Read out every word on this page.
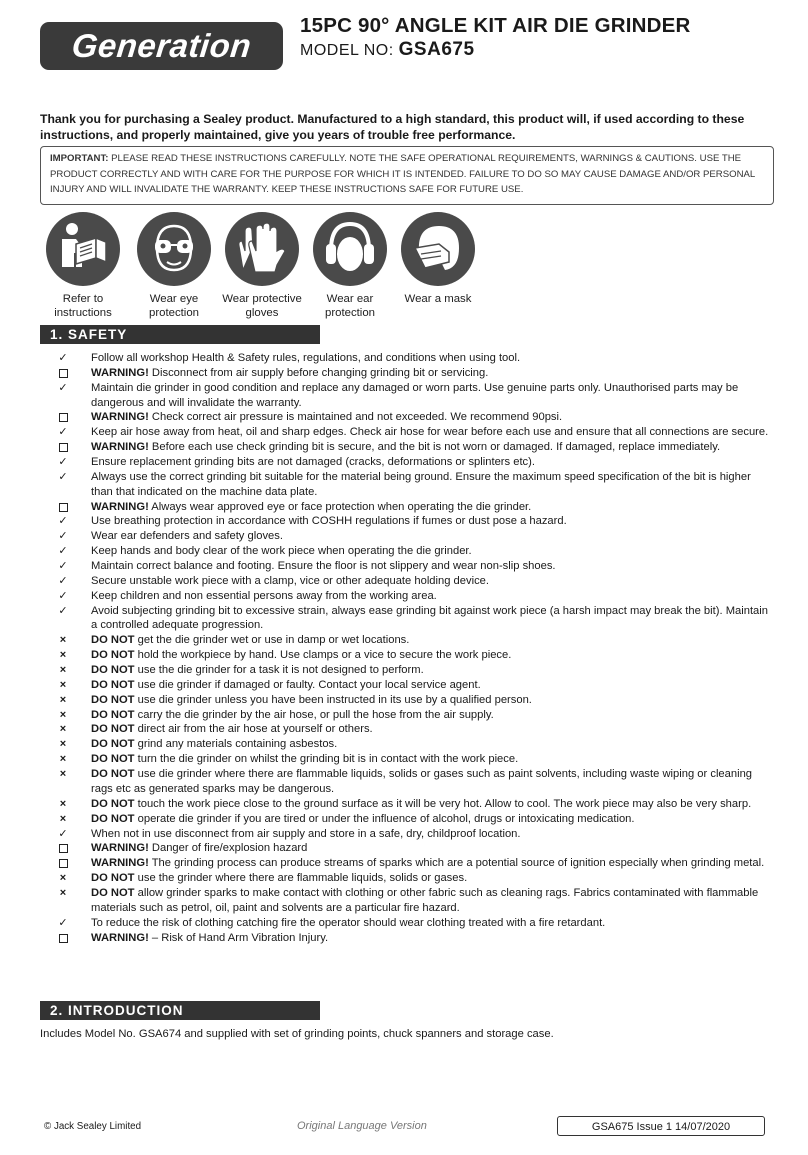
Generation
15PC 90° ANGLE KIT AIR DIE GRINDER
MODEL NO: GSA675
Thank you for purchasing a Sealey product. Manufactured to a high standard, this product will, if used according to these instructions, and properly maintained, give you years of trouble free performance.
IMPORTANT: PLEASE READ THESE INSTRUCTIONS CAREFULLY. NOTE THE SAFE OPERATIONAL REQUIREMENTS, WARNINGS & CAUTIONS. USE THE PRODUCT CORRECTLY AND WITH CARE FOR THE PURPOSE FOR WHICH IT IS INTENDED. FAILURE TO DO SO MAY CAUSE DAMAGE AND/OR PERSONAL INJURY AND WILL INVALIDATE THE WARRANTY. KEEP THESE INSTRUCTIONS SAFE FOR FUTURE USE.
Refer to instructions
Wear eye protection
Wear protective gloves
Wear ear protection
Wear a mask
1. SAFETY
✓ Follow all workshop Health & Safety rules, regulations, and conditions when using tool.
WARNING! Disconnect from air supply before changing grinding bit or servicing.
✓ Maintain die grinder in good condition and replace any damaged or worn parts. Use genuine parts only. Unauthorised parts may be dangerous and will invalidate the warranty.
WARNING! Check correct air pressure is maintained and not exceeded. We recommend 90psi.
✓ Keep air hose away from heat, oil and sharp edges. Check air hose for wear before each use and ensure that all connections are secure.
WARNING! Before each use check grinding bit is secure, and the bit is not worn or damaged. If damaged, replace immediately.
✓ Ensure replacement grinding bits are not damaged (cracks, deformations or splinters etc).
✓ Always use the correct grinding bit suitable for the material being ground. Ensure the maximum speed specification of the bit is higher than that indicated on the machine data plate.
WARNING! Always wear approved eye or face protection when operating the die grinder.
✓ Use breathing protection in accordance with COSHH regulations if fumes or dust pose a hazard.
✓ Wear ear defenders and safety gloves.
✓ Keep hands and body clear of the work piece when operating the die grinder.
✓ Maintain correct balance and footing. Ensure the floor is not slippery and wear non-slip shoes.
✓ Secure unstable work piece with a clamp, vice or other adequate holding device.
✓ Keep children and non essential persons away from the working area.
✓ Avoid subjecting grinding bit to excessive strain, always ease grinding bit against work piece (a harsh impact may break the bit). Maintain a controlled adequate progression.
×	DO NOT get the die grinder wet or use in damp or wet locations.
×	DO NOT hold the workpiece by hand. Use clamps or a vice to secure the work piece.
×	DO NOT use the die grinder for a task it is not designed to perform.
×	DO NOT use die grinder if damaged or faulty. Contact your local service agent.
×	DO NOT use die grinder unless you have been instructed in its use by a qualified person.
×	DO NOT carry the die grinder by the air hose, or pull the hose from the air supply.
×	DO NOT direct air from the air hose at yourself or others.
×	DO NOT grind any materials containing asbestos.
×	DO NOT turn the die grinder on whilst the grinding bit is in contact with the work piece.
×	DO NOT use die grinder where there are flammable liquids, solids or gases such as paint solvents, including waste wiping or cleaning rags etc as generated sparks may be dangerous.
×	DO NOT touch the work piece close to the ground surface as it will be very hot. Allow to cool. The work piece may also be very sharp.
×	DO NOT operate die grinder if you are tired or under the influence of alcohol, drugs or intoxicating medication.
✓ When not in use disconnect from air supply and store in a safe, dry, childproof location.
WARNING! Danger of fire/explosion hazard
WARNING! The grinding process can produce streams of sparks which are a potential source of ignition especially when grinding metal.
×	DO NOT use the grinder where there are flammable liquids, solids or gases.
×	DO NOT allow grinder sparks to make contact with clothing or other fabric such as cleaning rags. Fabrics contaminated with flammable materials such as petrol, oil, paint and solvents are a particular fire hazard.
✓ To reduce the risk of clothing catching fire the operator should wear clothing treated with a fire retardant.
WARNING! – Risk of Hand Arm Vibration Injury.
2. INTRODUCTION
Includes Model No. GSA674 and supplied with set of grinding points, chuck spanners and storage case.
© Jack Sealey Limited	Original Language Version	GSA675 Issue 1 14/07/2020
